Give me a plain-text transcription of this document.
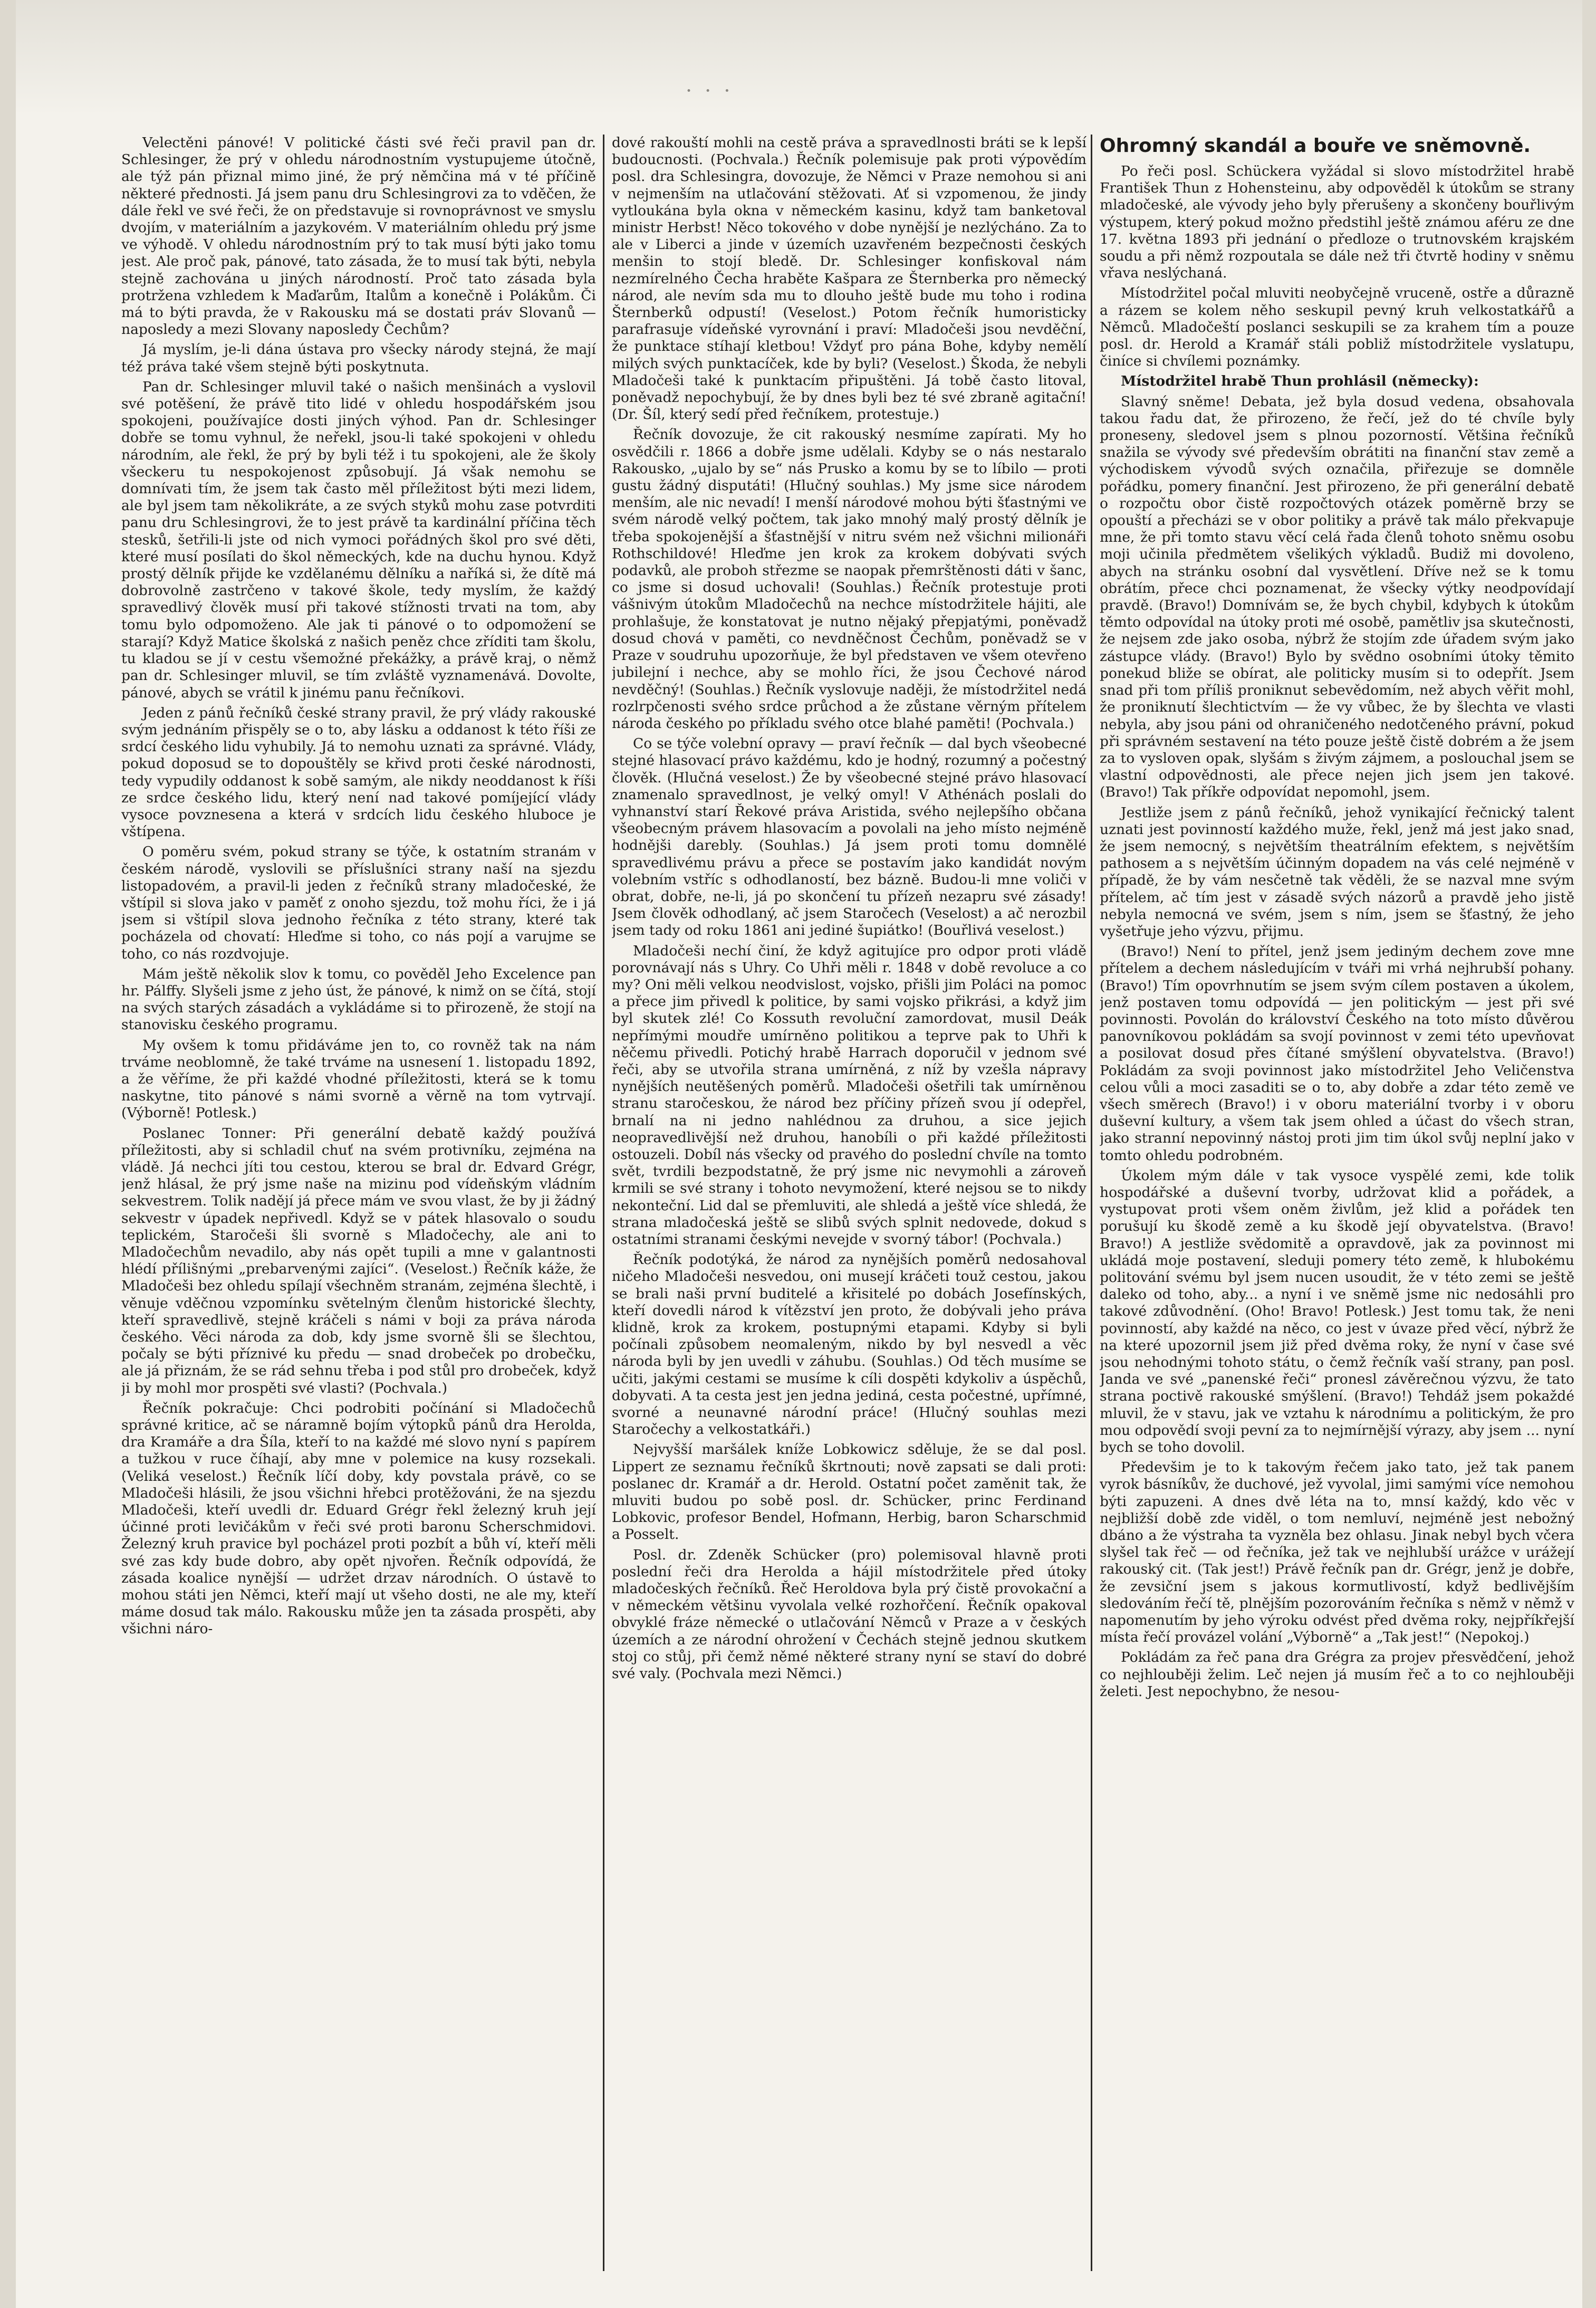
· · ·

Velectěni pánové! V politické části své řeči pravil pan dr. Schlesinger, že prý v ohledu národnostním vystupujeme útočně, ale týž pán přiznal mimo jiné, že prý němčina má v té příčině některé přednosti. Já jsem panu dru Schlesingrovi za to vděčen, že dále řekl ve své řeči, že on představuje si rovnoprávnost ve smyslu dvojím, v materiálním a jazykovém. V materiálním ohledu prý jsme ve výhodě. V ohledu národnostním prý to tak musí býti jako tomu jest. Ale proč pak, pánové, tato zásada, že to musí tak býti, nebyla stejně zachována u jiných národností. Proč tato zásada byla protržena vzhledem k Maďarům, Italům a konečně i Polákům. Či má to býti pravda, že v Rakousku má se dostati práv Slovanů — naposledy a mezi Slovany naposledy Čechům?

Já myslím, je-li dána ústava pro všecky národy stejná, že mají též práva také všem stejně býti poskytnuta.

Pan dr. Schlesinger mluvil také o našich menšinách a vyslovil své potěšení, že právě tito lidé v ohledu hospodářském jsou spokojeni, používajíce dosti jiných výhod. Pan dr. Schlesinger dobře se tomu vyhnul, že neřekl, jsou-li také spokojeni v ohledu národním, ale řekl, že prý by byli též i tu spokojeni, ale že školy všeckeru tu nespokojenost způsobují. Já však nemohu se domnívati tím, že jsem tak často měl příležitost býti mezi lidem, ale byl jsem tam několikráte, a ze svých styků mohu zase potvrditi panu dru Schlesingrovi, že to jest právě ta kardinální příčina těch stesků, šetřili-li jste od nich vymoci pořádných škol pro své děti, které musí posílati do škol německých, kde na duchu hynou. Když prostý dělník přijde ke vzdělanému dělníku a naříká si, že dítě má dobrovolně zastrčeno v takové škole, tedy myslím, že každý spravedlivý člověk musí při takové stížnosti trvati na tom, aby tomu bylo odpomoženo. Ale jak ti pánové o to odpomožení se starají? Když Matice školská z našich peněz chce zříditi tam školu, tu kladou se jí v cestu všemožné překážky, a právě kraj, o němž pan dr. Schlesinger mluvil, se tím zvláště vyznamenává. Dovolte, pánové, abych se vrátil k jinému panu řečníkovi.

Jeden z pánů řečníků české strany pravil, že prý vlády rakouské svým jednáním přispěly se o to, aby lásku a oddanost k této říši ze srdcí českého lidu vyhubily. Já to nemohu uznati za správné. Vlády, pokud doposud se to dopouštěly se křivd proti české národnosti, tedy vypudily oddanost k sobě samým, ale nikdy neoddanost k říši ze srdce českého lidu, který není nad takové pomíjející vlády vysoce povznesena a která v srdcích lidu českého hluboce je vštípena.

O poměru svém, pokud strany se týče, k ostatním stranám v českém národě, vyslovili se příslušníci strany naší na sjezdu listopadovém, a pravil-li jeden z řečníků strany mladočeské, že vštípil si slova jako v paměť z onoho sjezdu, tož mohu říci, že i já jsem si vštípil slova jednoho řečníka z této strany, které tak pocházela od chovatí: Hleďme si toho, co nás pojí a varujme se toho, co nás rozdvojuje.

Mám ještě několik slov k tomu, co pověděl Jeho Excelence pan hr. Pálffy. Slyšeli jsme z jeho úst, že pánové, k nimž on se čítá, stojí na svých starých zásadách a vykládáme si to přirozeně, že stojí na stanovisku českého programu.

My ovšem k tomu přidáváme jen to, co rovněž tak na nám trváme neoblomně, že také trváme na usnesení 1. listopadu 1892, a že věříme, že při každé vhodné příležitosti, která se k tomu naskytne, tito pánové s námi svorně a věrně na tom vytrvají. (Výborně! Potlesk.)

Poslanec Tonner: Při generální debatě každý používá příležitosti, aby si schladil chuť na svém protivníku, zejména na vládě. Já nechci jíti tou cestou, kterou se bral dr. Edvard Grégr, jenž hlásal, že prý jsme naše na mizinu pod vídeňským vládním sekvestrem. Tolik nadějí já přece mám ve svou vlast, že by ji žádný sekvestr v úpadek nepřivedl. Když se v pátek hlasovalo o soudu teplickém, Staročeši šli svorně s Mladočechy, ale ani to Mladočechům nevadilo, aby nás opět tupili a mne v galantnosti hlédí přílišnými „prebarvenými zajíci“. (Veselost.) Řečník káže, že Mladočeši bez ohledu spílají všechněm stranám, zejména šlechtě, i věnuje vděčnou vzpomínku světelným členům historické šlechty, kteří spravedlivě, stejně kráčeli s námi v boji za práva národa českého. Věci národa za dob, kdy jsme svorně šli se šlechtou, počaly se býti příznivé ku předu — snad drobeček po drobečku, ale já přiznám, že se rád sehnu třeba i pod stůl pro drobeček, když ji by mohl mor prospěti své vlasti? (Pochvala.)

Řečník pokračuje: Chci podrobiti počínání si Mladočechů správné kritice, ač se náramně bojím výtopků pánů dra Herolda, dra Kramáře a dra Šíla, kteří to na každé mé slovo nyní s papírem a tužkou v ruce číhají, aby mne v polemice na kusy rozsekali. (Veliká veselost.) Řečník líčí doby, kdy povstala právě, co se Mladočeši hlásili, že jsou všichni hřebci protěžováni, že na sjezdu Mladočeši, kteří uvedli dr. Eduard Grégr řekl železný kruh její účinné proti levičákům v řeči své proti baronu Scherschmidovi. Železný kruh pravice byl pocházel proti pozbít a bůh ví, kteří měli své zas kdy bude dobro, aby opět njvořen. Řečník odpovídá, že zásada koalice nynější — udržet drzav národních. O ústavě to mohou státi jen Němci, kteří mají ut všeho dosti, ne ale my, kteří máme dosud tak málo. Rakousku může jen ta zásada prospěti, aby všichni náro-

dové rakouští mohli na cestě práva a spravedlnosti bráti se k lepší budoucnosti. (Pochvala.) Řečník polemisuje pak proti výpovědím posl. dra Schlesingra, dovozuje, že Němci v Praze nemohou si ani v nejmenším na utlačování stěžovati. Ať si vzpomenou, že jindy vytloukána byla okna v německém kasinu, když tam banketoval ministr Herbst! Něco tokového v dobe nynější je nezlýcháno. Za to ale v Liberci a jinde v územích uzavřeném bezpečnosti českých menšin to stojí bledě. Dr. Schlesinger konfiskoval nám nezmírelného Čecha hraběte Kašpara ze Šternberka pro německý národ, ale nevím sda mu to dlouho ještě bude mu toho i rodina Šternberků odpustí! (Veselost.) Potom řečník humoristicky parafrasuje vídeňské vyrovnání i praví: Mladočeši jsou nevděční, že punktace stíhají kletbou! Vždyť pro pána Bohe, kdyby nemělí milých svých punktacíček, kde by byli? (Veselost.) Škoda, že nebyli Mladočeši také k punktacím připuštěni. Já tobě často litoval, poněvadž nepochybují, že by dnes byli bez té své zbraně agitační! (Dr. Šíl, který sedí před řečníkem, protestuje.)

Řečník dovozuje, že cit rakouský nesmíme zapírati. My ho osvědčili r. 1866 a dobře jsme udělali. Kdyby se o nás nestaralo Rakousko, „ujalo by se“ nás Prusko a komu by se to líbilo — proti gustu žádný disputáti! (Hlučný souhlas.) My jsme sice národem menším, ale nic nevadí! I menší národové mohou býti šťastnými ve svém národě velký počtem, tak jako mnohý malý prostý dělník je třeba spokojenější a šťastnější v nitru svém než všichni milionáři Rothschildové! Hleďme jen krok za krokem dobývati svých podavků, ale proboh střezme se naopak přemrštěnosti dáti v šanc, co jsme si dosud uchovali! (Souhlas.) Řečník protestuje proti vášnivým útokům Mladočechů na nechce místodržitele hájiti, ale prohlašuje, že konstatovat je nutno nějaký přepjatými, poněvadž dosud chová v paměti, co nevdněčnost Čechům, poněvadž se v Praze v soudruhu upozorňuje, že byl představen ve všem otevřeno jubilejní i nechce, aby se mohlo říci, že jsou Čechové národ nevděčný! (Souhlas.) Řečník vyslovuje naději, že místodržitel nedá rozlrpčenosti svého srdce průchod a že zůstane věrným přítelem národa českého po příkladu svého otce blahé paměti! (Pochvala.)

Co se týče volební opravy — praví řečník — dal bych všeobecné stejné hlasovací právo každému, kdo je hodný, rozumný a počestný člověk. (Hlučná veselost.) Že by všeobecné stejné právo hlasovací znamenalo spravedlnost, je velký omyl! V Athénách poslali do vyhnanství starí Řekové práva Aristida, svého nejlepšího občana všeobecným právem hlasovacím a povolali na jeho místo nejméně hodnějši darebly. (Souhlas.) Já jsem proti tomu domnělé spravedlivému právu a přece se postavím jako kandidát novým volebním vstříc s odhodlaností, bez bázně. Budou-li mne voliči v obrat, dobře, ne-li, já po skončení tu přízeň nezapru své zásady! Jsem člověk odhodlaný, ač jsem Staročech (Veselost) a ač nerozbil jsem tady od roku 1861 ani jediné šupiátko! (Bouřlivá veselost.)

Mladočeši nechí činí, že když agitujíce pro odpor proti vládě porovnávají nás s Uhry. Co Uhři měli r. 1848 v době revoluce a co my? Oni měli velkou neodvislost, vojsko, přišli jim Poláci na pomoc a přece jim přivedl k politice, by sami vojsko přikrási, a když jim byl skutek zlé! Co Kossuth revoluční zamordovat, musil Deák nepřímými moudře umírněno politikou a teprve pak to Uhři k něčemu přivedli. Potichý hrabě Harrach doporučil v jednom své řeči, aby se utvořila strana umírněná, z níž by vzešla nápravy nynějších neutěšených poměrů. Mladočeši ošetřili tak umírněnou stranu staročeskou, že národ bez příčiny přízeň svou jí odepřel, brnalí na ni jedno nahlédnou za druhou, a sice jejich neopravedlivější než druhou, hanobíli o při každé příležitosti ostouzeli. Dobíl nás všecky od pravého do poslední chvíle na tomto svět, tvrdili bezpodstatně, že prý jsme nic nevymohli a zároveň krmili se své strany i tohoto nevymožení, které nejsou se to nikdy nekonteční. Lid dal se přemluviti, ale shledá a ještě více shledá, že strana mladočeská ještě se slibů svých splnit nedovede, dokud s ostatními stranami českými nevejde v svorný tábor! (Pochvala.)

Řečník podotýká, že národ za nynějších poměrů nedosahoval ničeho Mladočeši nesvedou, oni musejí kráčeti touž cestou, jakou se brali naši první buditelé a křisitelé po dobách Josefínských, kteří dovedli národ k vítězství jen proto, že dobývali jeho práva klidně, krok za krokem, postupnými etapami. Kdyby si byli počínali způsobem neomaleným, nikdo by byl nesvedl a věc národa byli by jen uvedli v záhubu. (Souhlas.) Od těch musíme se učiti, jakými cestami se musíme k cíli dospěti kdykoliv a úspěchů, dobyvati. A ta cesta jest jen jedna jediná, cesta počestné, upřímné, svorné a neunavné národní práce! (Hlučný souhlas mezi Staročechy a velkostatkáři.)

Nejvyšší maršálek kníže Lobkowicz sděluje, že se dal posl. Lippert ze seznamu řečníků škrtnouti; nově zapsati se dali proti: poslanec dr. Kramář a dr. Herold. Ostatní počet zaměnit tak, že mluviti budou po sobě posl. dr. Schücker, princ Ferdinand Lobkovic, profesor Bendel, Hofmann, Herbig, baron Scharschmid a Posselt.

Posl. dr. Zdeněk Schücker (pro) polemisoval hlavně proti poslední řeči dra Herolda a hájil místodržitele před útoky mladočeských řečníků. Řeč Heroldova byla prý čistě provokační a v německém většinu vyvolala velké rozhořčení. Řečník opakoval obvyklé fráze německé o utlačování Němců v Praze a v českých územích a ze národní ohrožení v Čechách stejně jednou skutkem stoj co stůj, při čemž němé některé strany nyní se staví do dobré své valy. (Pochvala mezi Němci.)

Ohromný skandál a bouře ve sněmovně.

Po řeči posl. Schückera vyžádal si slovo místodržitel hrabě František Thun z Hohensteinu, aby odpověděl k útokům se strany mladočeské, ale vývody jeho byly přerušeny a skončeny bouřlivým výstupem, který pokud možno předstihl ještě známou aféru ze dne 17. května 1893 při jednání o předloze o trutnovském krajském soudu a při němž rozpoutala se dále než tři čtvrtě hodiny v sněmu vřava neslýchaná.

Místodržitel počal mluviti neobyčejně vruceně, ostře a důrazně a rázem se kolem něho seskupil pevný kruh velkostatkářů a Němců. Mladočeští poslanci seskupili se za krahem tím a pouze posl. dr. Herold a Kramář stáli pobliž místodržitele vyslatupu, činíce si chvílemi poznámky.

Místodržitel hrabě Thun prohlásil (německy):

Slavný sněme! Debata, jež byla dosud vedena, obsahovala takou řadu dat, že přirozeno, že řečí, jež do té chvíle byly proneseny, sledovel jsem s plnou pozorností. Většina řečníků snažila se vývody své především obrátiti na finanční stav země a východiskem vývodů svých označila, přiřezuje se domněle pořádku, pomery finanční. Jest přirozeno, že při generální debatě o rozpočtu obor čistě rozpočtových otázek poměrně brzy se opouští a přecházi se v obor politiky a právě tak málo překvapuje mne, že při tomto stavu věcí celá řada členů tohoto sněmu osobu moji učinila předmětem všelikých výkladů. Budiž mi dovoleno, abych na stránku osobní dal vysvětlení. Dříve než se k tomu obrátím, přece chci poznamenat, že všecky výtky neodpovídají pravdě. (Bravo!) Domnívám se, že bych chybil, kdybych k útokům těmto odpovídal na útoky proti mé osobě, pamětliv jsa skutečnosti, že nejsem zde jako osoba, nýbrž že stojím zde úřadem svým jako zástupce vlády. (Bravo!) Bylo by svědno osobními útoky těmito ponekud bliže se obírat, ale politicky musím si to odepřít. Jsem snad při tom příliš proniknut sebevědomím, než abych věřit mohl, že proniknutí šlechtictvím — že vy vůbec, že by šlechta ve vlasti nebyla, aby jsou páni od ohraničeného nedotčeného právní, pokud při správném sestavení na této pouze ještě čistě dobrém a že jsem za to vysloven opak, slyšám s živým zájmem, a poslouchal jsem se vlastní odpovědnosti, ale přece nejen jich jsem jen takové. (Bravo!) Tak příkře odpovídat nepomohl, jsem.

Jestliže jsem z pánů řečníků, jehož vynikající řečnický talent uznati jest povinností každého muže, řekl, jenž má jest jako snad, že jsem nemocný, s největším theatrálním efektem, s největším pathosem a s největším účinným dopadem na vás celé nejméně v případě, že by vám nesčetně tak věděli, že se nazval mne svým přítelem, ač tím jest v zásadě svých názorů a pravdě jeho jistě nebyla nemocná ve svém, jsem s ním, jsem se šťastný, že jeho vyšetřuje jeho výzvu, přijmu.

(Bravo!) Není to přítel, jenž jsem jediným dechem zove mne přítelem a dechem následujícím v tváři mi vrhá nejhrubší pohany. (Bravo!) Tím opovrhnutím se jsem svým cílem postaven a úkolem, jenž postaven tomu odpovídá — jen politickým — jest při své povinnosti. Povolán do království Českého na toto místo důvěrou panovníkovou pokládám sa svojí povinnost v zemi této upevňovat a posilovat dosud přes čítané smýšlení obyvatelstva. (Bravo!) Pokládám za svoji povinnost jako místodržitel Jeho Veličenstva celou vůli a moci zasaditi se o to, aby dobře a zdar této země ve všech směrech (Bravo!) i v oboru materiální tvorby i v oboru duševní kultury, a všem tak jsem ohled a účast do všech stran, jako stranní nepovinný nástoj proti jim tim úkol svůj neplní jako v tomto ohledu podrobném.

Úkolem mým dále v tak vysoce vyspělé zemi, kde tolik hospodářské a duševní tvorby, udržovat klid a pořádek, a vystupovat proti všem oněm živlům, jež klid a pořádek ten porušují ku škodě země a ku škodě její obyvatelstva. (Bravo! Bravo!) A jestliže svědomitě a opravdově, jak za povinnost mi ukládá moje postavení, sleduji pomery této země, k hlubokému politování svému byl jsem nucen usoudit, že v této zemi se ještě daleko od toho, aby... a nyní i ve sněmě jsme nic nedosáhli pro takové zdůvodnění. (Oho! Bravo! Potlesk.) Jest tomu tak, že neni povinností, aby každé na něco, co jest v úvaze před věcí, nýbrž že na které upozornil jsem již před dvěma roky, že nyní v čase své jsou nehodnými tohoto státu, o čemž řečník vaší strany, pan posl. Janda ve své „panenské řeči“ pronesl závěrečnou výzvu, že tato strana poctivě rakouské smýšlení. (Bravo!) Tehdáž jsem pokaždé mluvil, že v stavu, jak ve vztahu k národnímu a politickým, že pro mou odpovědí svoji pevní za to nejmírnější výrazy, aby jsem ... nyní bych se toho dovolil.

Předevšim je to k takovým řečem jako tato, jež tak panem vyrok básníkův, že duchové, jež vyvolal, jimi samými více nemohou býti zapuzeni. A dnes dvě léta na to, mnsí každý, kdo věc v nejbližší době zde viděl, o tom nemluví, nejméně jest nebožný dbáno a že výstraha ta vyzněla bez ohlasu. Jinak nebyl bych včera slyšel tak řeč — od řečníka, jež tak ve nejhlubší urážce v urážejí rakouský cit. (Tak jest!) Právě řečník pan dr. Grégr, jenž je dobře, že zevsiční jsem s jakous kormutlivostí, když bedlivějším sledováním řečí tě, plnějším pozorováním řečníka s němž v němž v napomenutím by jeho výroku odvést před dvěma roky, nejpříkřejší místa řečí provázel volání „Výborně“ a „Tak jest!“ (Nepokoj.)

Pokládám za řeč pana dra Grégra za projev přesvědčení, jehož co nejhlouběji želim. Leč nejen já musím řeč a to co nejhlouběji želeti. Jest nepochybno, že nesou-
